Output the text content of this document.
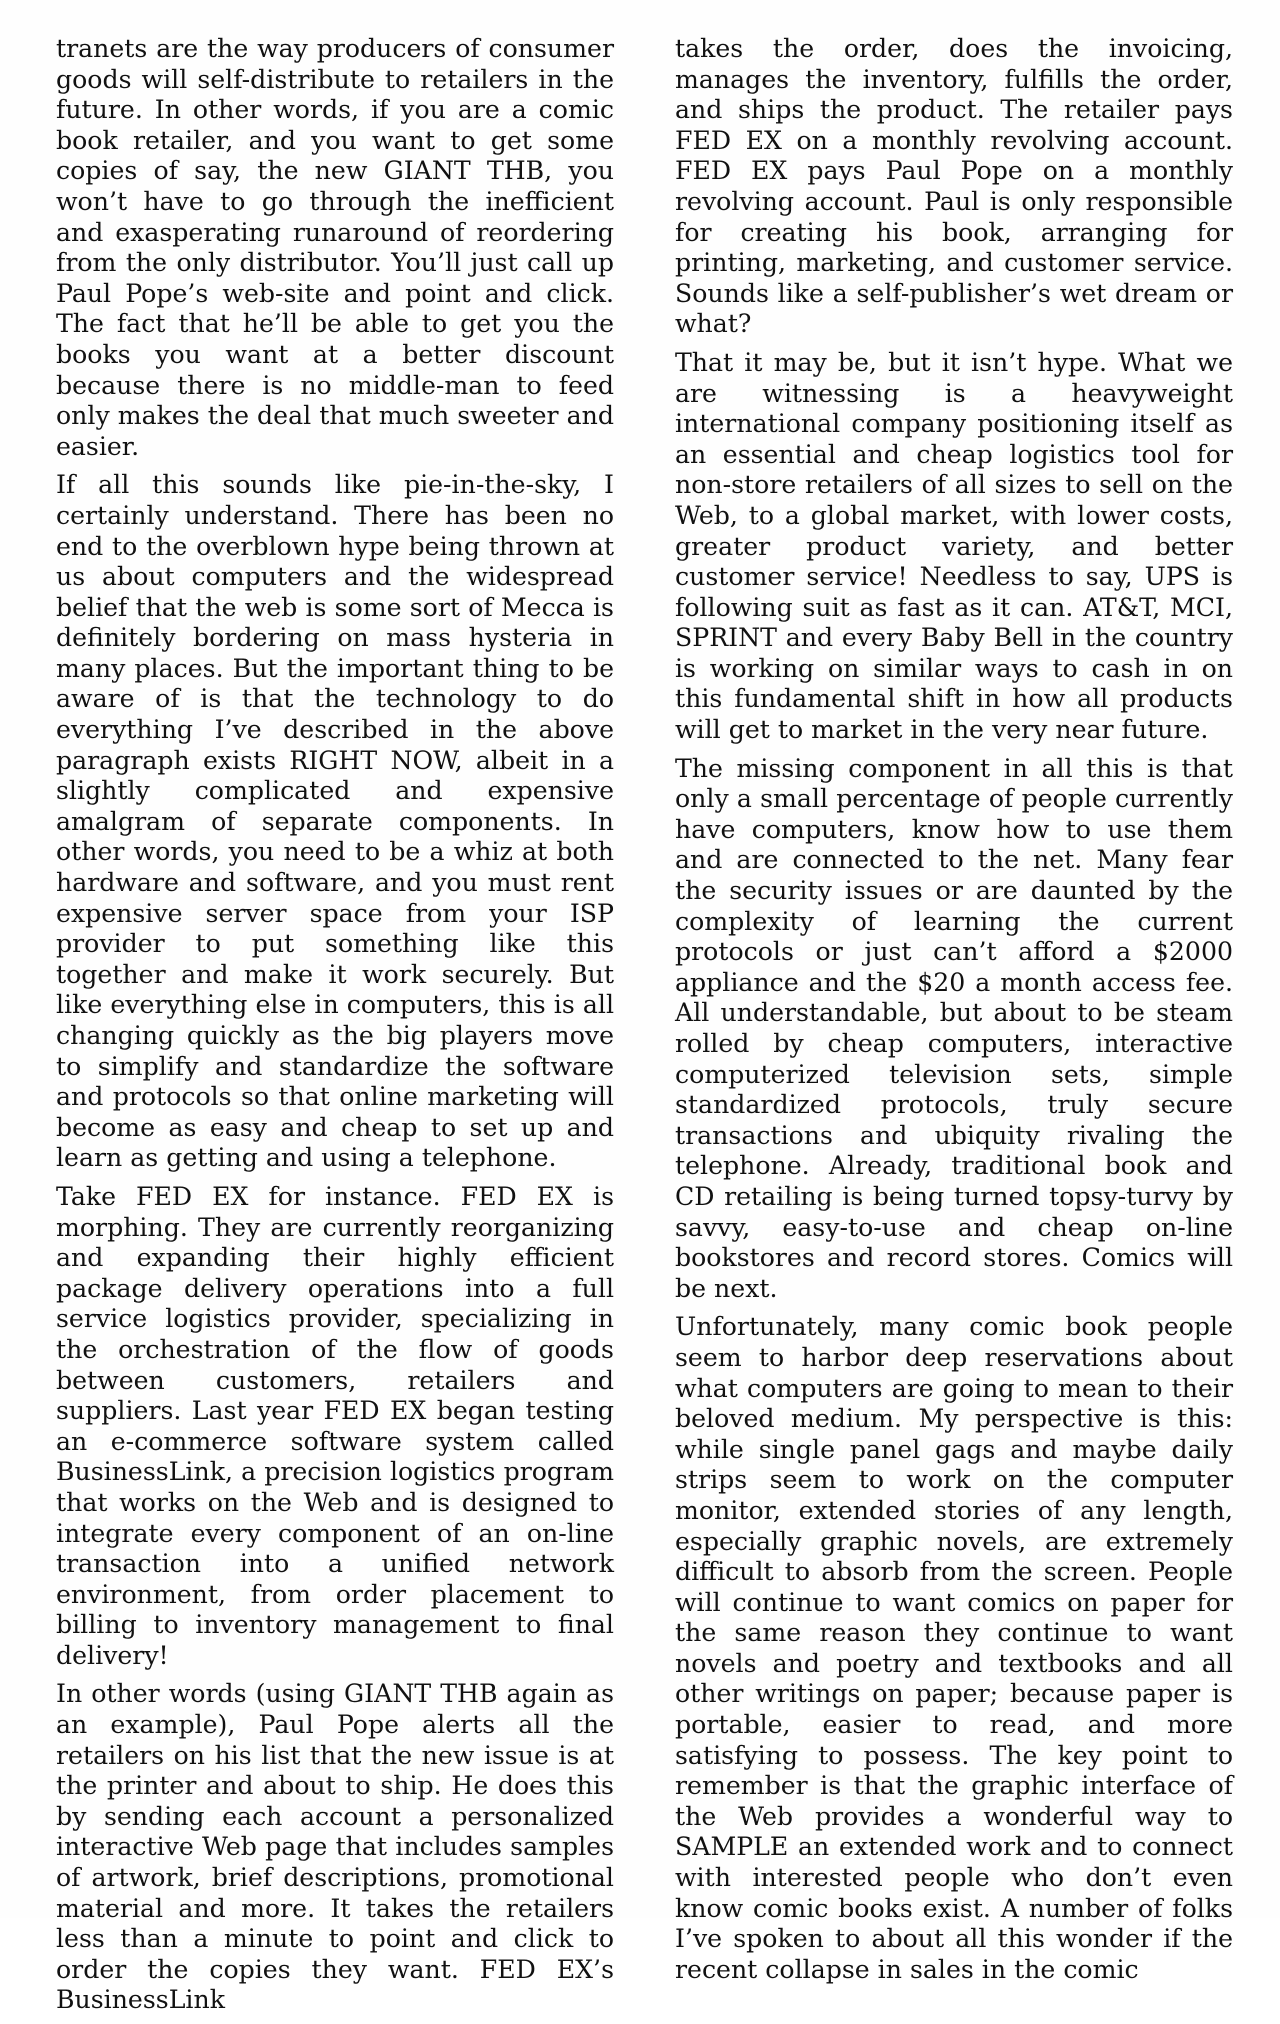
tranets are the way producers of consumer goods will self-distribute to retailers in the future. In other words, if you are a comic book retailer, and you want to get some copies of say, the new GIANT THB, you won’t have to go through the inefficient and exasperating runaround of reordering from the only distributor. You’ll just call up Paul Pope’s web-site and point and click. The fact that he’ll be able to get you the books you want at a better discount because there is no middle-man to feed only makes the deal that much sweeter and easier.

If all this sounds like pie-in-the-sky, I certainly understand. There has been no end to the overblown hype being thrown at us about computers and the widespread belief that the web is some sort of Mecca is definitely bordering on mass hysteria in many places. But the important thing to be aware of is that the technology to do everything I’ve described in the above paragraph exists RIGHT NOW, albeit in a slightly complicated and expensive amalgram of separate components. In other words, you need to be a whiz at both hardware and software, and you must rent expensive server space from your ISP provider to put something like this together and make it work securely. But like everything else in computers, this is all changing quickly as the big players move to simplify and standardize the software and protocols so that online marketing will become as easy and cheap to set up and learn as getting and using a telephone.

Take FED EX for instance. FED EX is morphing. They are currently reorganizing and expanding their highly efficient package delivery operations into a full service logistics provider, specializing in the orchestration of the flow of goods between customers, retailers and suppliers. Last year FED EX began testing an e-commerce software system called BusinessLink, a precision logistics program that works on the Web and is designed to integrate every component of an on-line transaction into a unified network environment, from order placement to billing to inventory management to final delivery!

In other words (using GIANT THB again as an example), Paul Pope alerts all the retailers on his list that the new issue is at the printer and about to ship. He does this by sending each account a personalized interactive Web page that includes samples of artwork, brief descriptions, promotional material and more. It takes the retailers less than a minute to point and click to order the copies they want. FED EX’s BusinessLink

takes the order, does the invoicing, manages the inventory, fulfills the order, and ships the product. The retailer pays FED EX on a monthly revolving account. FED EX pays Paul Pope on a monthly revolving account. Paul is only responsible for creating his book, arranging for printing, marketing, and customer service. Sounds like a self-publisher’s wet dream or what?

That it may be, but it isn’t hype. What we are witnessing is a heavyweight international company positioning itself as an essential and cheap logistics tool for non-store retailers of all sizes to sell on the Web, to a global market, with lower costs, greater product variety, and better customer service! Needless to say, UPS is following suit as fast as it can. AT&T, MCI, SPRINT and every Baby Bell in the country is working on similar ways to cash in on this fundamental shift in how all products will get to market in the very near future.

The missing component in all this is that only a small percentage of people currently have computers, know how to use them and are connected to the net. Many fear the security issues or are daunted by the complexity of learning the current protocols or just can’t afford a $2000 appliance and the $20 a month access fee. All understandable, but about to be steam rolled by cheap computers, interactive computerized television sets, simple standardized protocols, truly secure transactions and ubiquity rivaling the telephone. Already, traditional book and CD retailing is being turned topsy-turvy by savvy, easy-to-use and cheap on-line bookstores and record stores. Comics will be next.

Unfortunately, many comic book people seem to harbor deep reservations about what computers are going to mean to their beloved medium. My perspective is this: while single panel gags and maybe daily strips seem to work on the computer monitor, extended stories of any length, especially graphic novels, are extremely difficult to absorb from the screen. People will continue to want comics on paper for the same reason they continue to want novels and poetry and textbooks and all other writings on paper; because paper is portable, easier to read, and more satisfying to possess. The key point to remember is that the graphic interface of the Web provides a wonderful way to SAMPLE an extended work and to connect with interested people who don’t even know comic books exist. A number of folks I’ve spoken to about all this wonder if the recent collapse in sales in the comic
